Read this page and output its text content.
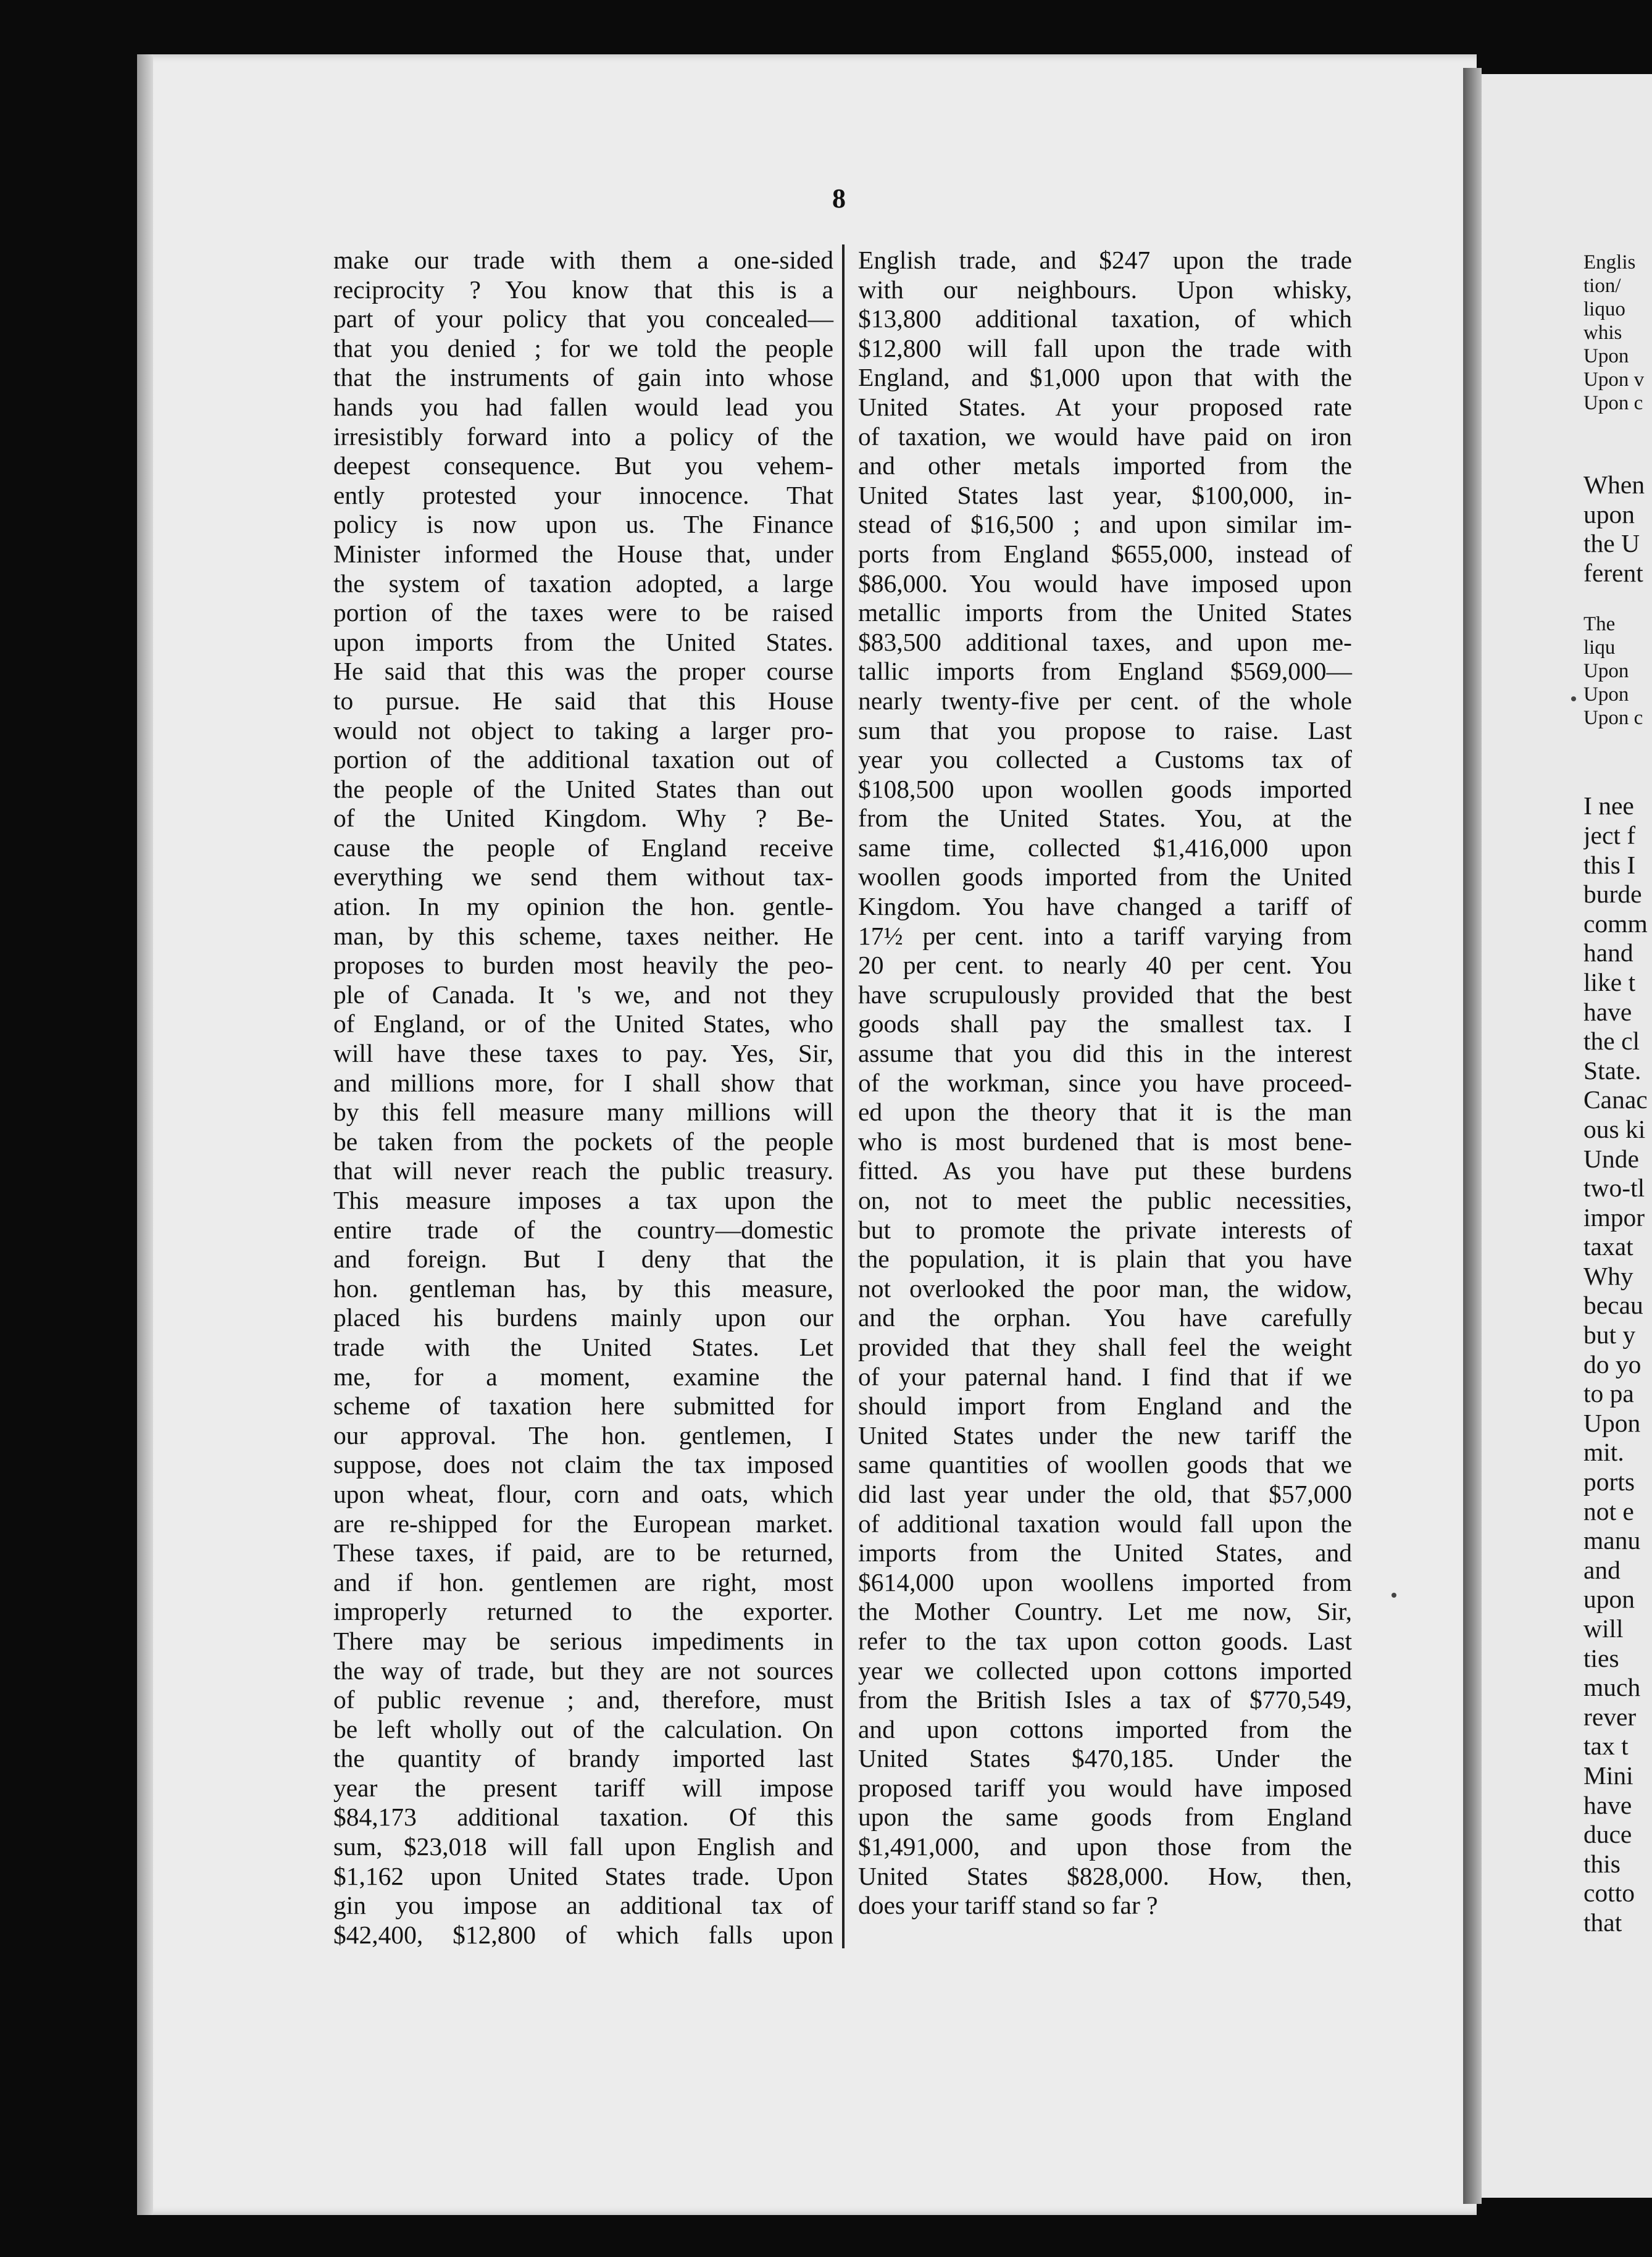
8
make our trade with them a one-sided
reciprocity ? You know that this is a
part of your policy that you concealed—
that you denied ; for we told the people
that the instruments of gain into whose
hands you had fallen would lead you
irresistibly forward into a policy of the
deepest consequence. But you vehem-
ently protested your innocence. That
policy is now upon us. The Finance
Minister informed the House that, under
the system of taxation adopted, a large
portion of the taxes were to be raised
upon imports from the United States.
He said that this was the proper course
to pursue. He said that this House
would not object to taking a larger pro-
portion of the additional taxation out of
the people of the United States than out
of the United Kingdom. Why ? Be-
cause the people of England receive
everything we send them without tax-
ation. In my opinion the hon. gentle-
man, by this scheme, taxes neither. He
proposes to burden most heavily the peo-
ple of Canada. It 's we, and not they
of England, or of the United States, who
will have these taxes to pay. Yes, Sir,
and millions more, for I shall show that
by this fell measure many millions will
be taken from the pockets of the people
that will never reach the public treasury.
This measure imposes a tax upon the
entire trade of the country—domestic
and foreign. But I deny that the
hon. gentleman has, by this measure,
placed his burdens mainly upon our
trade with the United States. Let
me, for a moment, examine the
scheme of taxation here submitted for
our approval. The hon. gentlemen, I
suppose, does not claim the tax imposed
upon wheat, flour, corn and oats, which
are re-shipped for the European market.
These taxes, if paid, are to be returned,
and if hon. gentlemen are right, most
improperly returned to the exporter.
There may be serious impediments in
the way of trade, but they are not sources
of public revenue ; and, therefore, must
be left wholly out of the calculation. On
the quantity of brandy imported last
year the present tariff will impose
$84,173 additional taxation. Of this
sum, $23,018 will fall upon English and
$1,162 upon United States trade. Upon
gin you impose an additional tax of
$42,400, $12,800 of which falls upon
English trade, and $247 upon the trade
with our neighbours. Upon whisky,
$13,800 additional taxation, of which
$12,800 will fall upon the trade with
England, and $1,000 upon that with the
United States. At your proposed rate
of taxation, we would have paid on iron
and other metals imported from the
United States last year, $100,000, in-
stead of $16,500 ; and upon similar im-
ports from England $655,000, instead of
$86,000. You would have imposed upon
metallic imports from the United States
$83,500 additional taxes, and upon me-
tallic imports from England $569,000—
nearly twenty-five per cent. of the whole
sum that you propose to raise. Last
year you collected a Customs tax of
$108,500 upon woollen goods imported
from the United States. You, at the
same time, collected $1,416,000 upon
woollen goods imported from the United
Kingdom. You have changed a tariff of
17½ per cent. into a tariff varying from
20 per cent. to nearly 40 per cent. You
have scrupulously provided that the best
goods shall pay the smallest tax. I
assume that you did this in the interest
of the workman, since you have proceed-
ed upon the theory that it is the man
who is most burdened that is most bene-
fitted. As you have put these burdens
on, not to meet the public necessities,
but to promote the private interests of
the population, it is plain that you have
not overlooked the poor man, the widow,
and the orphan. You have carefully
provided that they shall feel the weight
of your paternal hand. I find that if we
should import from England and the
United States under the new tariff the
same quantities of woollen goods that we
did last year under the old, that $57,000
of additional taxation would fall upon the
imports from the United States, and
$614,000 upon woollens imported from
the Mother Country. Let me now, Sir,
refer to the tax upon cotton goods. Last
year we collected upon cottons imported
from the British Isles a tax of $770,549,
and upon cottons imported from the
United States $470,185. Under the
proposed tariff you would have imposed
upon the same goods from England
$1,491,000, and upon those from the
United States $828,000. How, then,
does your tariff stand so far ?
Englis
tion/
liquo
whis
Upon
Upon v
Upon c
When
upon
the U
ferent
The
liqu
Upon
Upon
Upon c
I nee
ject f
this I
burde
comm
hand
like t
have
the cl
State.
Canac
ous ki
Unde
two-tl
impor
taxat
Why
becau
but y
do yo
to pa
Upon
mit.
ports
not e
manu
and
upon
will
ties
much
rever
tax t
Mini
have
duce
this
cotto
that
